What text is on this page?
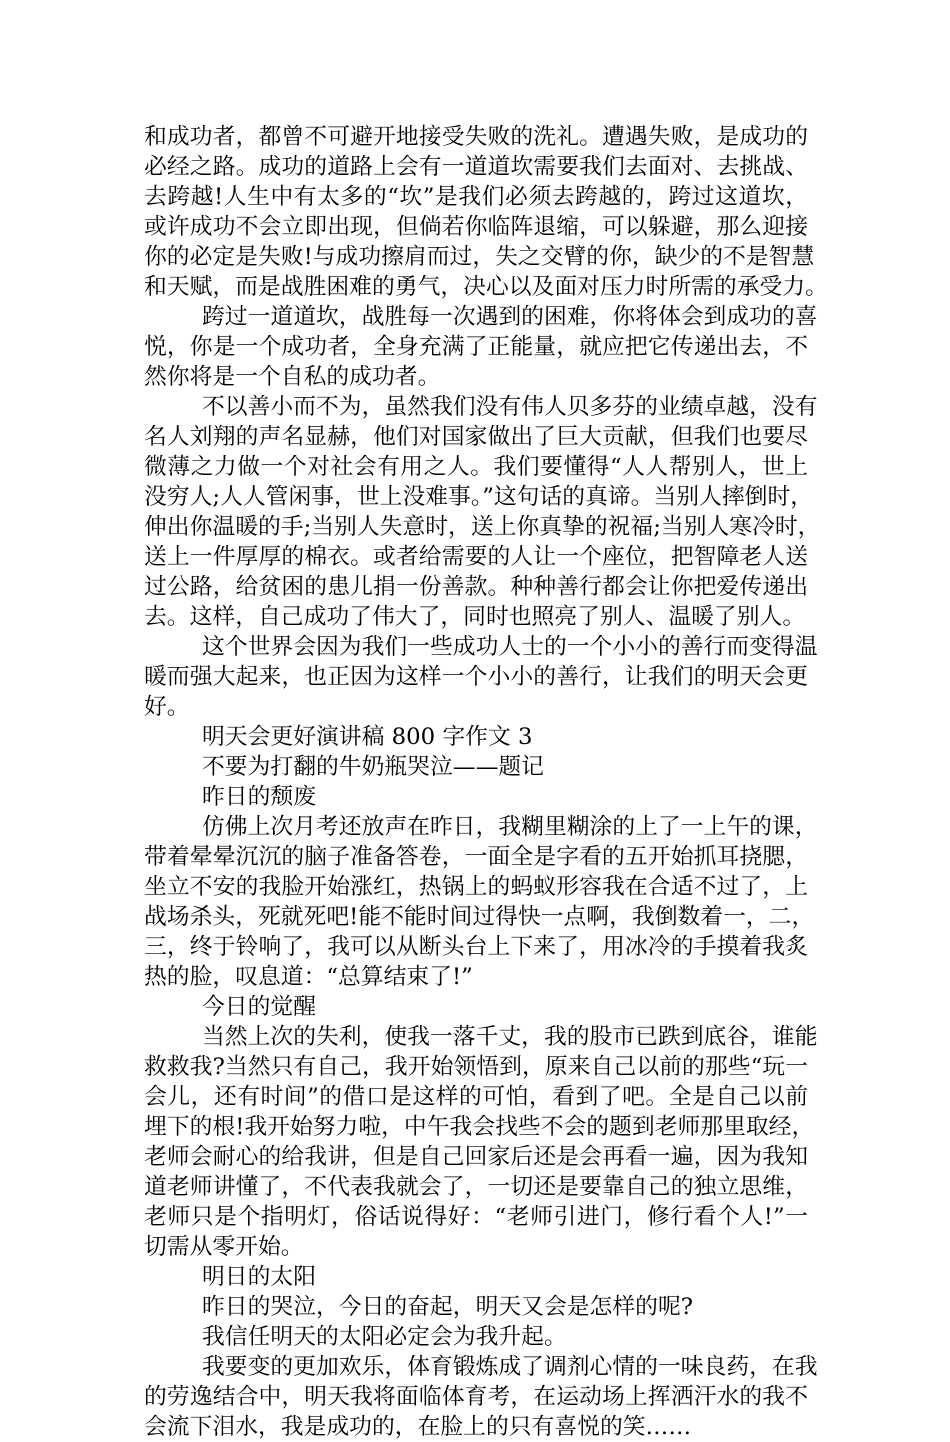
和成功者，都曾不可避开地接受失败的洗礼。遭遇失败，是成功的
必经之路。成功的道路上会有一道道坎需要我们去面对、去挑战、
去跨越!人生中有太多的“坎”是我们必须去跨越的，跨过这道坎，
或许成功不会立即出现，但倘若你临阵退缩，可以躲避，那么迎接
你的必定是失败!与成功擦肩而过，失之交臂的你，缺少的不是智慧
和天赋，而是战胜困难的勇气，决心以及面对压力时所需的承受力。
跨过一道道坎，战胜每一次遇到的困难，你将体会到成功的喜
悦，你是一个成功者，全身充满了正能量，就应把它传递出去，不
然你将是一个自私的成功者。
不以善小而不为，虽然我们没有伟人贝多芬的业绩卓越，没有
名人刘翔的声名显赫，他们对国家做出了巨大贡献，但我们也要尽
微薄之力做一个对社会有用之人。我们要懂得“人人帮别人，世上
没穷人;人人管闲事，世上没难事。”这句话的真谛。当别人摔倒时，
伸出你温暖的手;当别人失意时，送上你真挚的祝福;当别人寒冷时，
送上一件厚厚的棉衣。或者给需要的人让一个座位，把智障老人送
过公路，给贫困的患儿捐一份善款。种种善行都会让你把爱传递出
去。这样，自己成功了伟大了，同时也照亮了别人、温暖了别人。
这个世界会因为我们一些成功人士的一个小小的善行而变得温
暖而强大起来，也正因为这样一个小小的善行，让我们的明天会更
好。
明天会更好演讲稿 800 字作文 3
不要为打翻的牛奶瓶哭泣——题记
昨日的颓废
仿佛上次月考还放声在昨日，我糊里糊涂的上了一上午的课，
带着晕晕沉沉的脑子准备答卷，一面全是字看的五开始抓耳挠腮，
坐立不安的我脸开始涨红，热锅上的蚂蚁形容我在合适不过了，上
战场杀头，死就死吧!能不能时间过得快一点啊，我倒数着一，二，
三，终于铃响了，我可以从断头台上下来了，用冰冷的手摸着我炙
热的脸，叹息道：“总算结束了!”
今日的觉醒
当然上次的失利，使我一落千丈，我的股市已跌到底谷，谁能
救救我?当然只有自己，我开始领悟到，原来自己以前的那些“玩一
会儿，还有时间”的借口是这样的可怕，看到了吧。全是自己以前
埋下的根!我开始努力啦，中午我会找些不会的题到老师那里取经，
老师会耐心的给我讲，但是自己回家后还是会再看一遍，因为我知
道老师讲懂了，不代表我就会了，一切还是要靠自己的独立思维，
老师只是个指明灯，俗话说得好：“老师引进门，修行看个人!”一
切需从零开始。
明日的太阳
昨日的哭泣，今日的奋起，明天又会是怎样的呢?
我信任明天的太阳必定会为我升起。
我要变的更加欢乐，体育锻炼成了调剂心情的一味良药，在我
的劳逸结合中，明天我将面临体育考，在运动场上挥洒汗水的我不
会流下泪水，我是成功的，在脸上的只有喜悦的笑……
